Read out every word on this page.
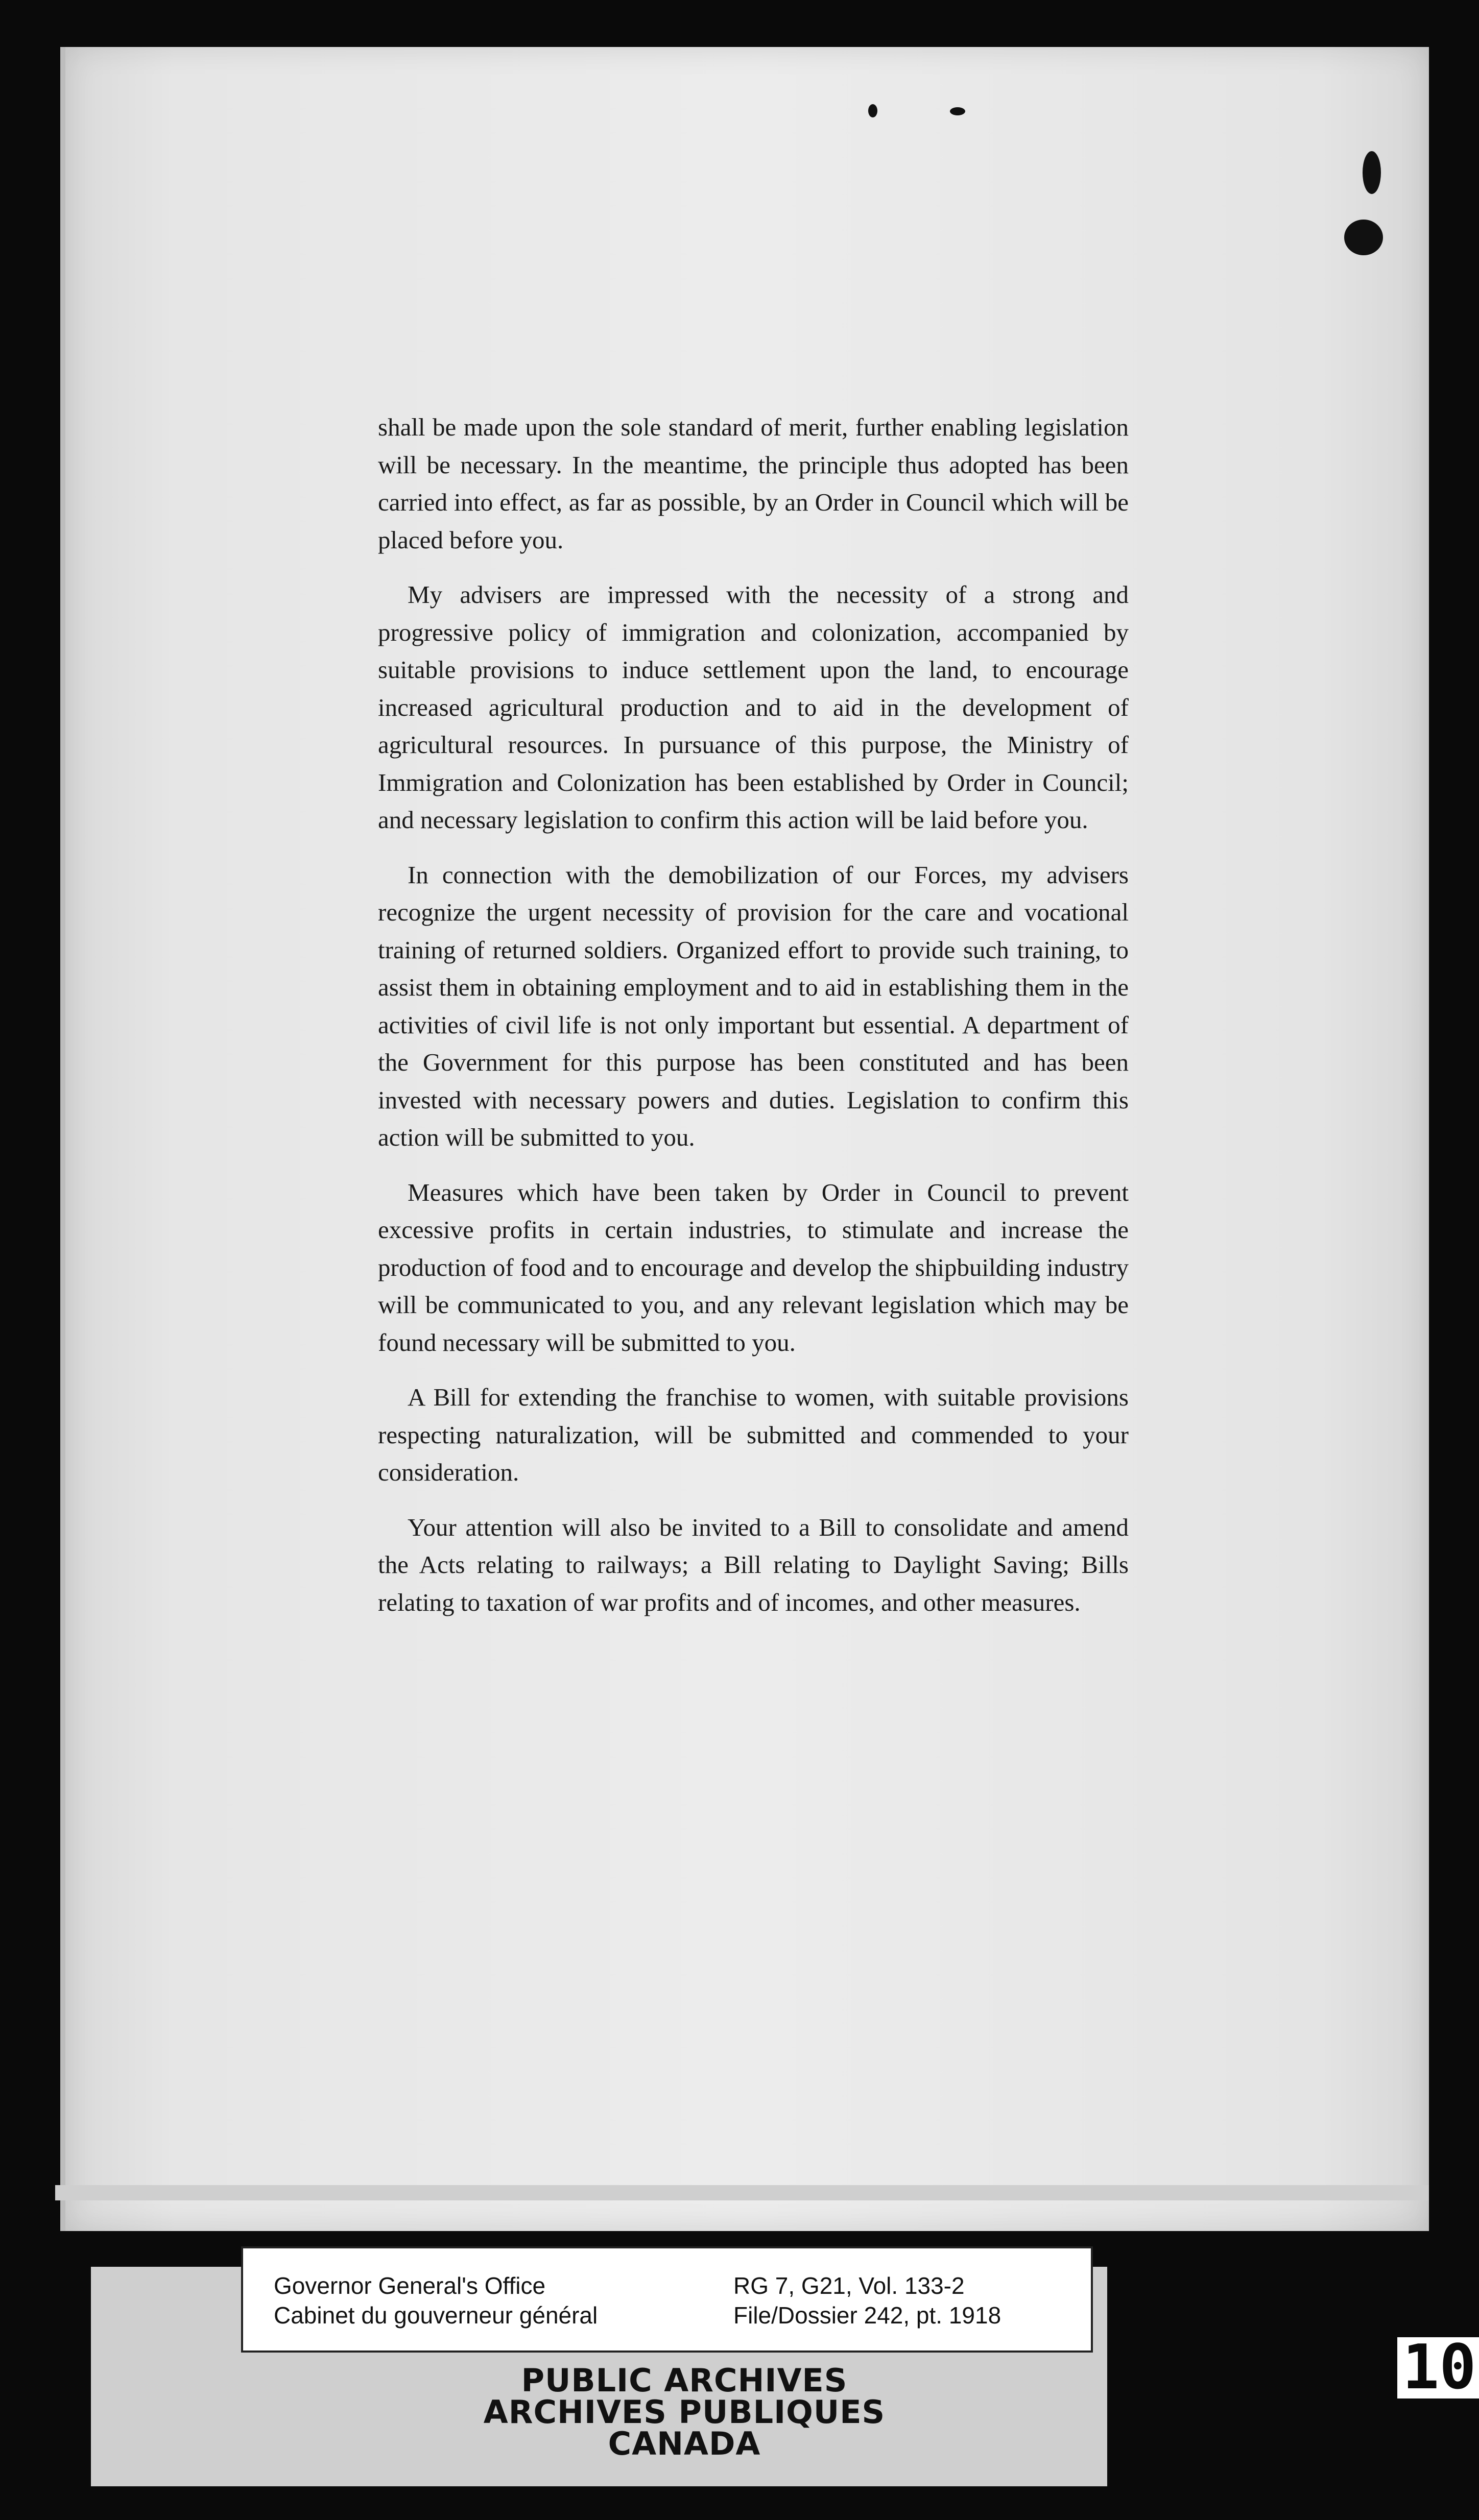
shall be made upon the sole standard of merit, further enabling legislation will be necessary. In the meantime, the principle thus adopted has been carried into effect, as far as possible, by an Order in Council which will be placed before you.

My advisers are impressed with the necessity of a strong and progressive policy of immigration and colonization, accompanied by suitable provisions to induce settlement upon the land, to encourage increased agricultural production and to aid in the development of agricultural resources. In pursuance of this purpose, the Ministry of Immigration and Colonization has been established by Order in Council; and necessary legislation to confirm this action will be laid before you.

In connection with the demobilization of our Forces, my advisers recognize the urgent necessity of provision for the care and vocational training of returned soldiers. Organized effort to provide such training, to assist them in obtaining employment and to aid in establishing them in the activities of civil life is not only important but essential. A department of the Government for this purpose has been constituted and has been invested with necessary powers and duties. Legislation to confirm this action will be submitted to you.

Measures which have been taken by Order in Council to prevent excessive profits in certain industries, to stimulate and increase the production of food and to encourage and develop the shipbuilding industry will be communicated to you, and any relevant legislation which may be found necessary will be submitted to you.

A Bill for extending the franchise to women, with suitable provisions respecting naturalization, will be submitted and commended to your consideration.

Your attention will also be invited to a Bill to consolidate and amend the Acts relating to railways; a Bill relating to Daylight Saving; Bills relating to taxation of war profits and of incomes, and other measures.

Governor General's Office
Cabinet du gouverneur général
RG 7, G21, Vol. 133-2
File/Dossier 242, pt. 1918
PUBLIC ARCHIVES
ARCHIVES PUBLIQUES
CANADA
10
